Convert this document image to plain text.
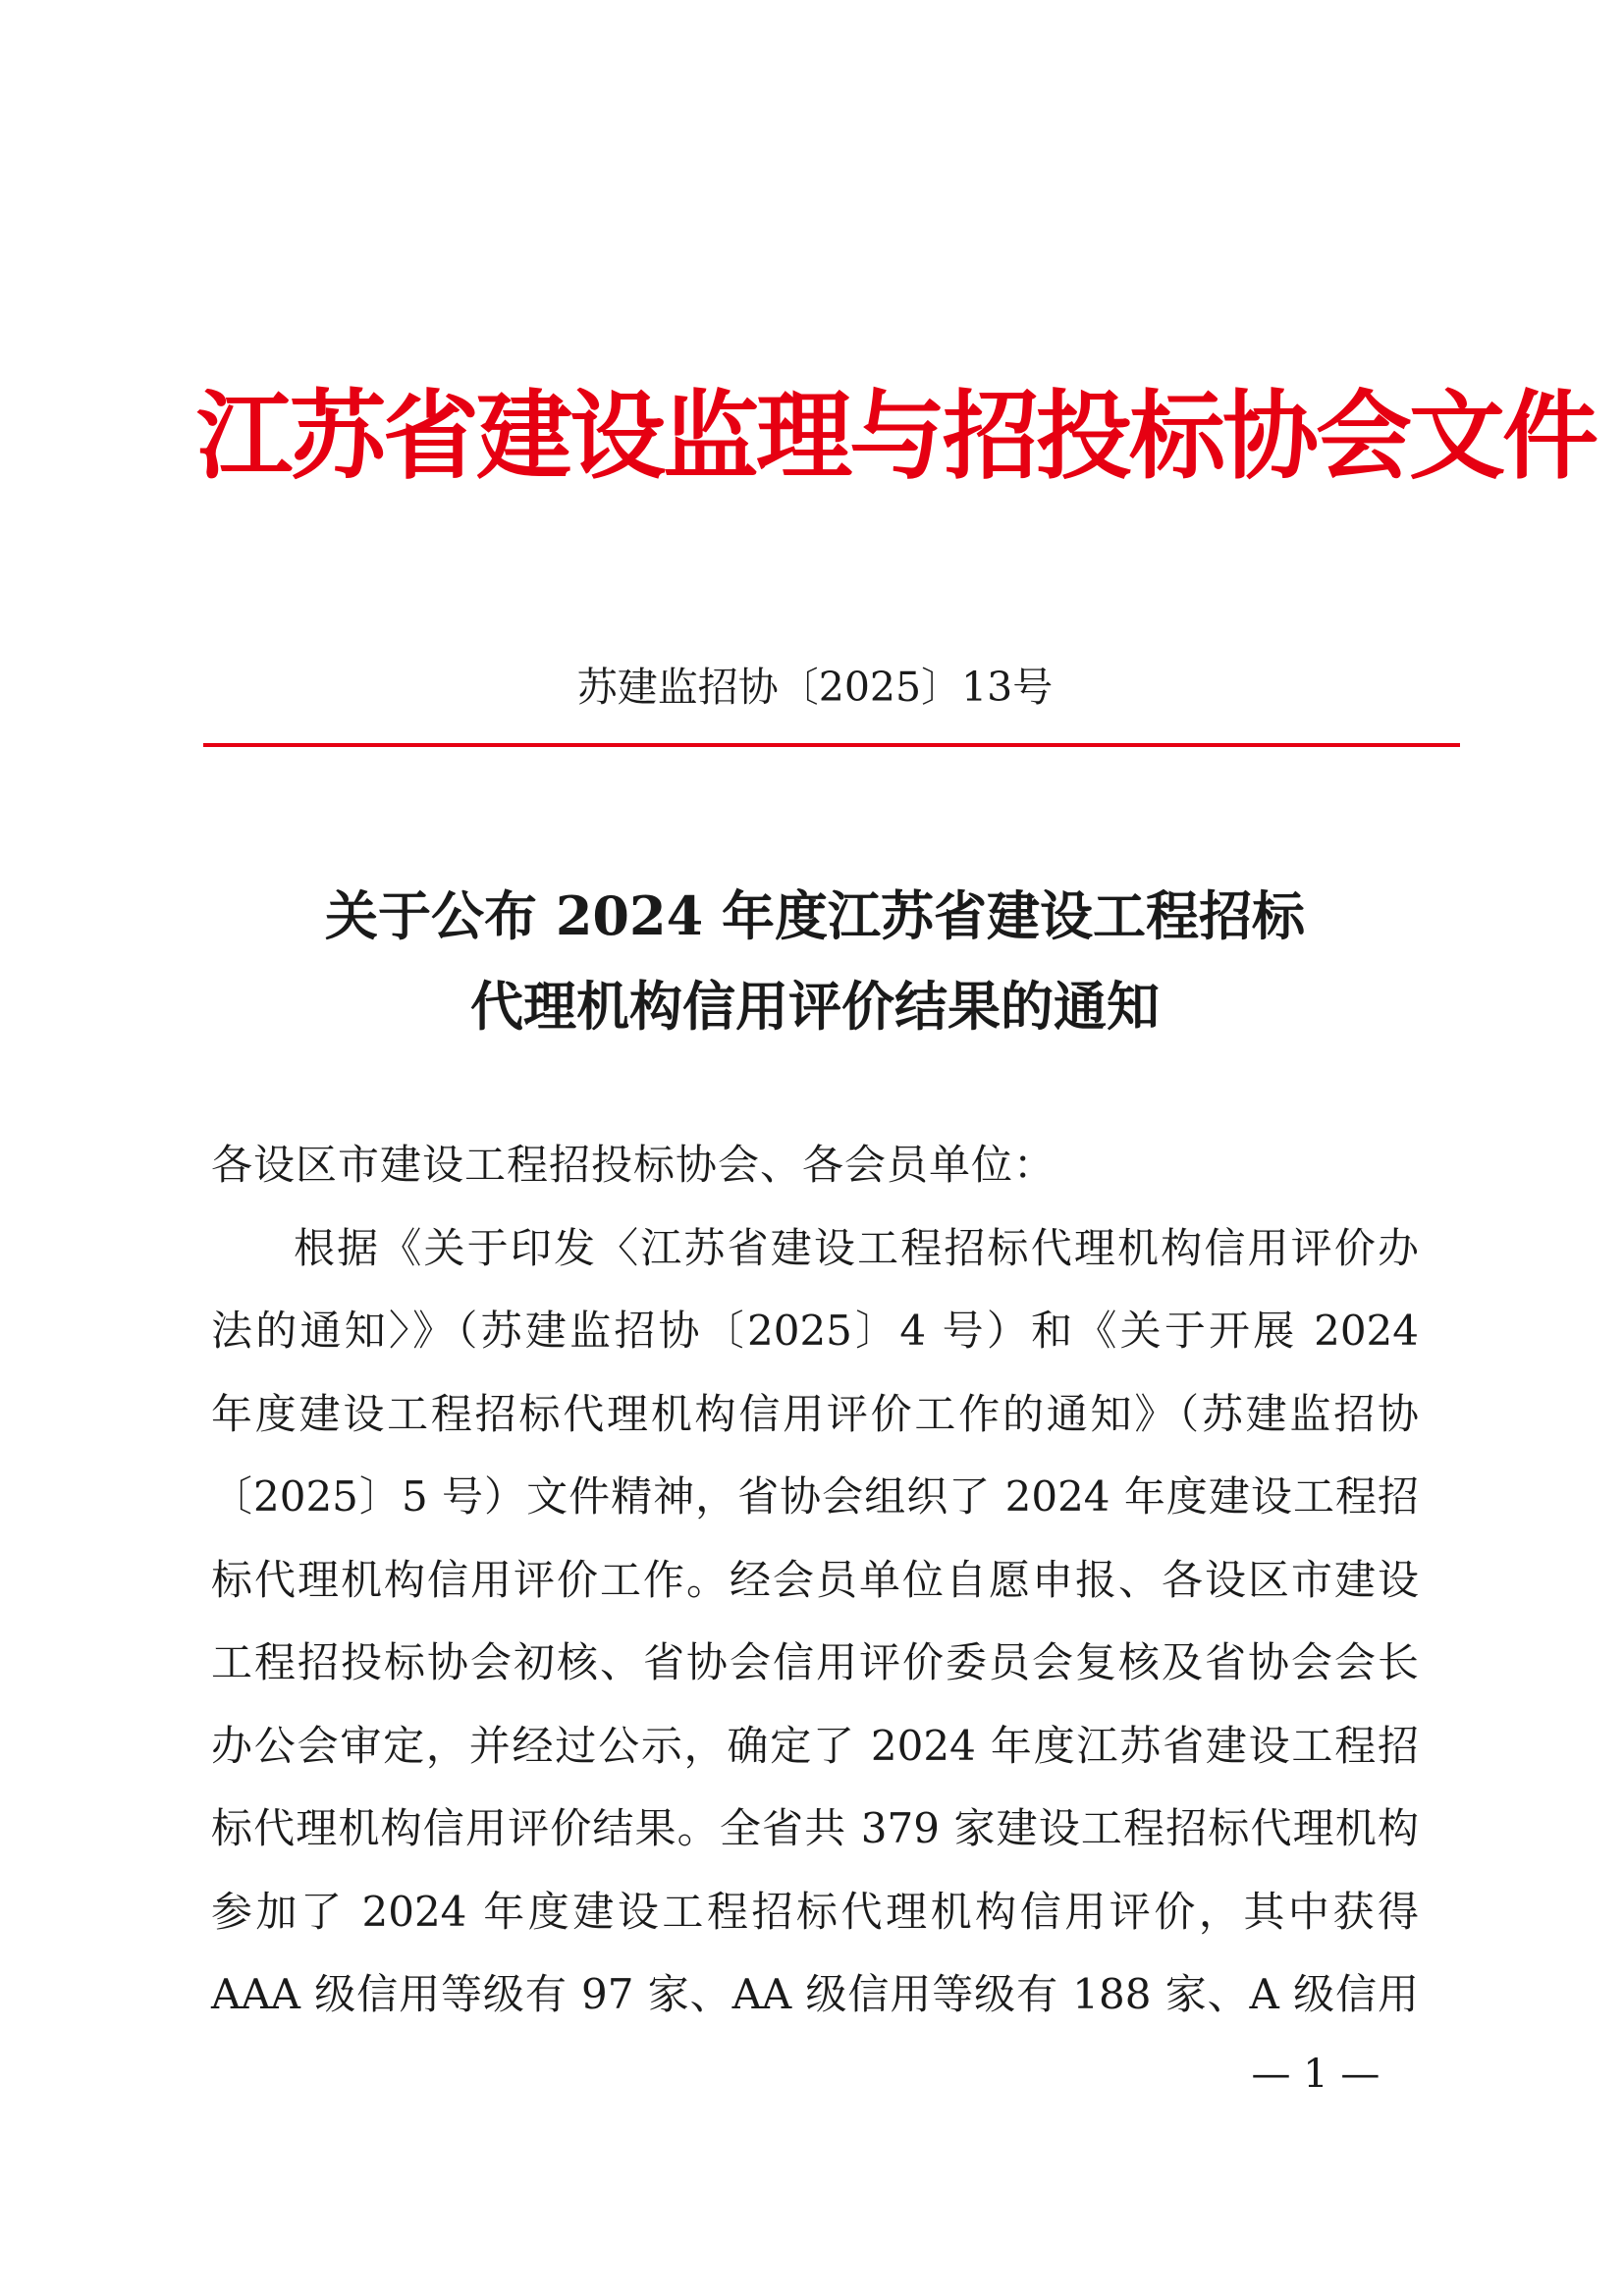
江苏省建设监理与招投标协会文件
苏建监招协〔2025〕13号
关于公布 2024 年度江苏省建设工程招标
代理机构信用评价结果的通知
各设区市建设工程招投标协会、各会员单位：
根据《关于印发〈江苏省建设工程招标代理机构信用评价办
法的通知〉》（苏建监招协〔2025〕4 号）和《关于开展 2024
年度建设工程招标代理机构信用评价工作的通知》（苏建监招协
〔2025〕5 号）文件精神，省协会组织了 2024 年度建设工程招
标代理机构信用评价工作。经会员单位自愿申报、各设区市建设
工程招投标协会初核、省协会信用评价委员会复核及省协会会长
办公会审定，并经过公示，确定了 2024 年度江苏省建设工程招
标代理机构信用评价结果。全省共 379 家建设工程招标代理机构
参加了 2024 年度建设工程招标代理机构信用评价，其中获得
AAA 级信用等级有 97 家、AA 级信用等级有 188 家、A 级信用
— 1 —
